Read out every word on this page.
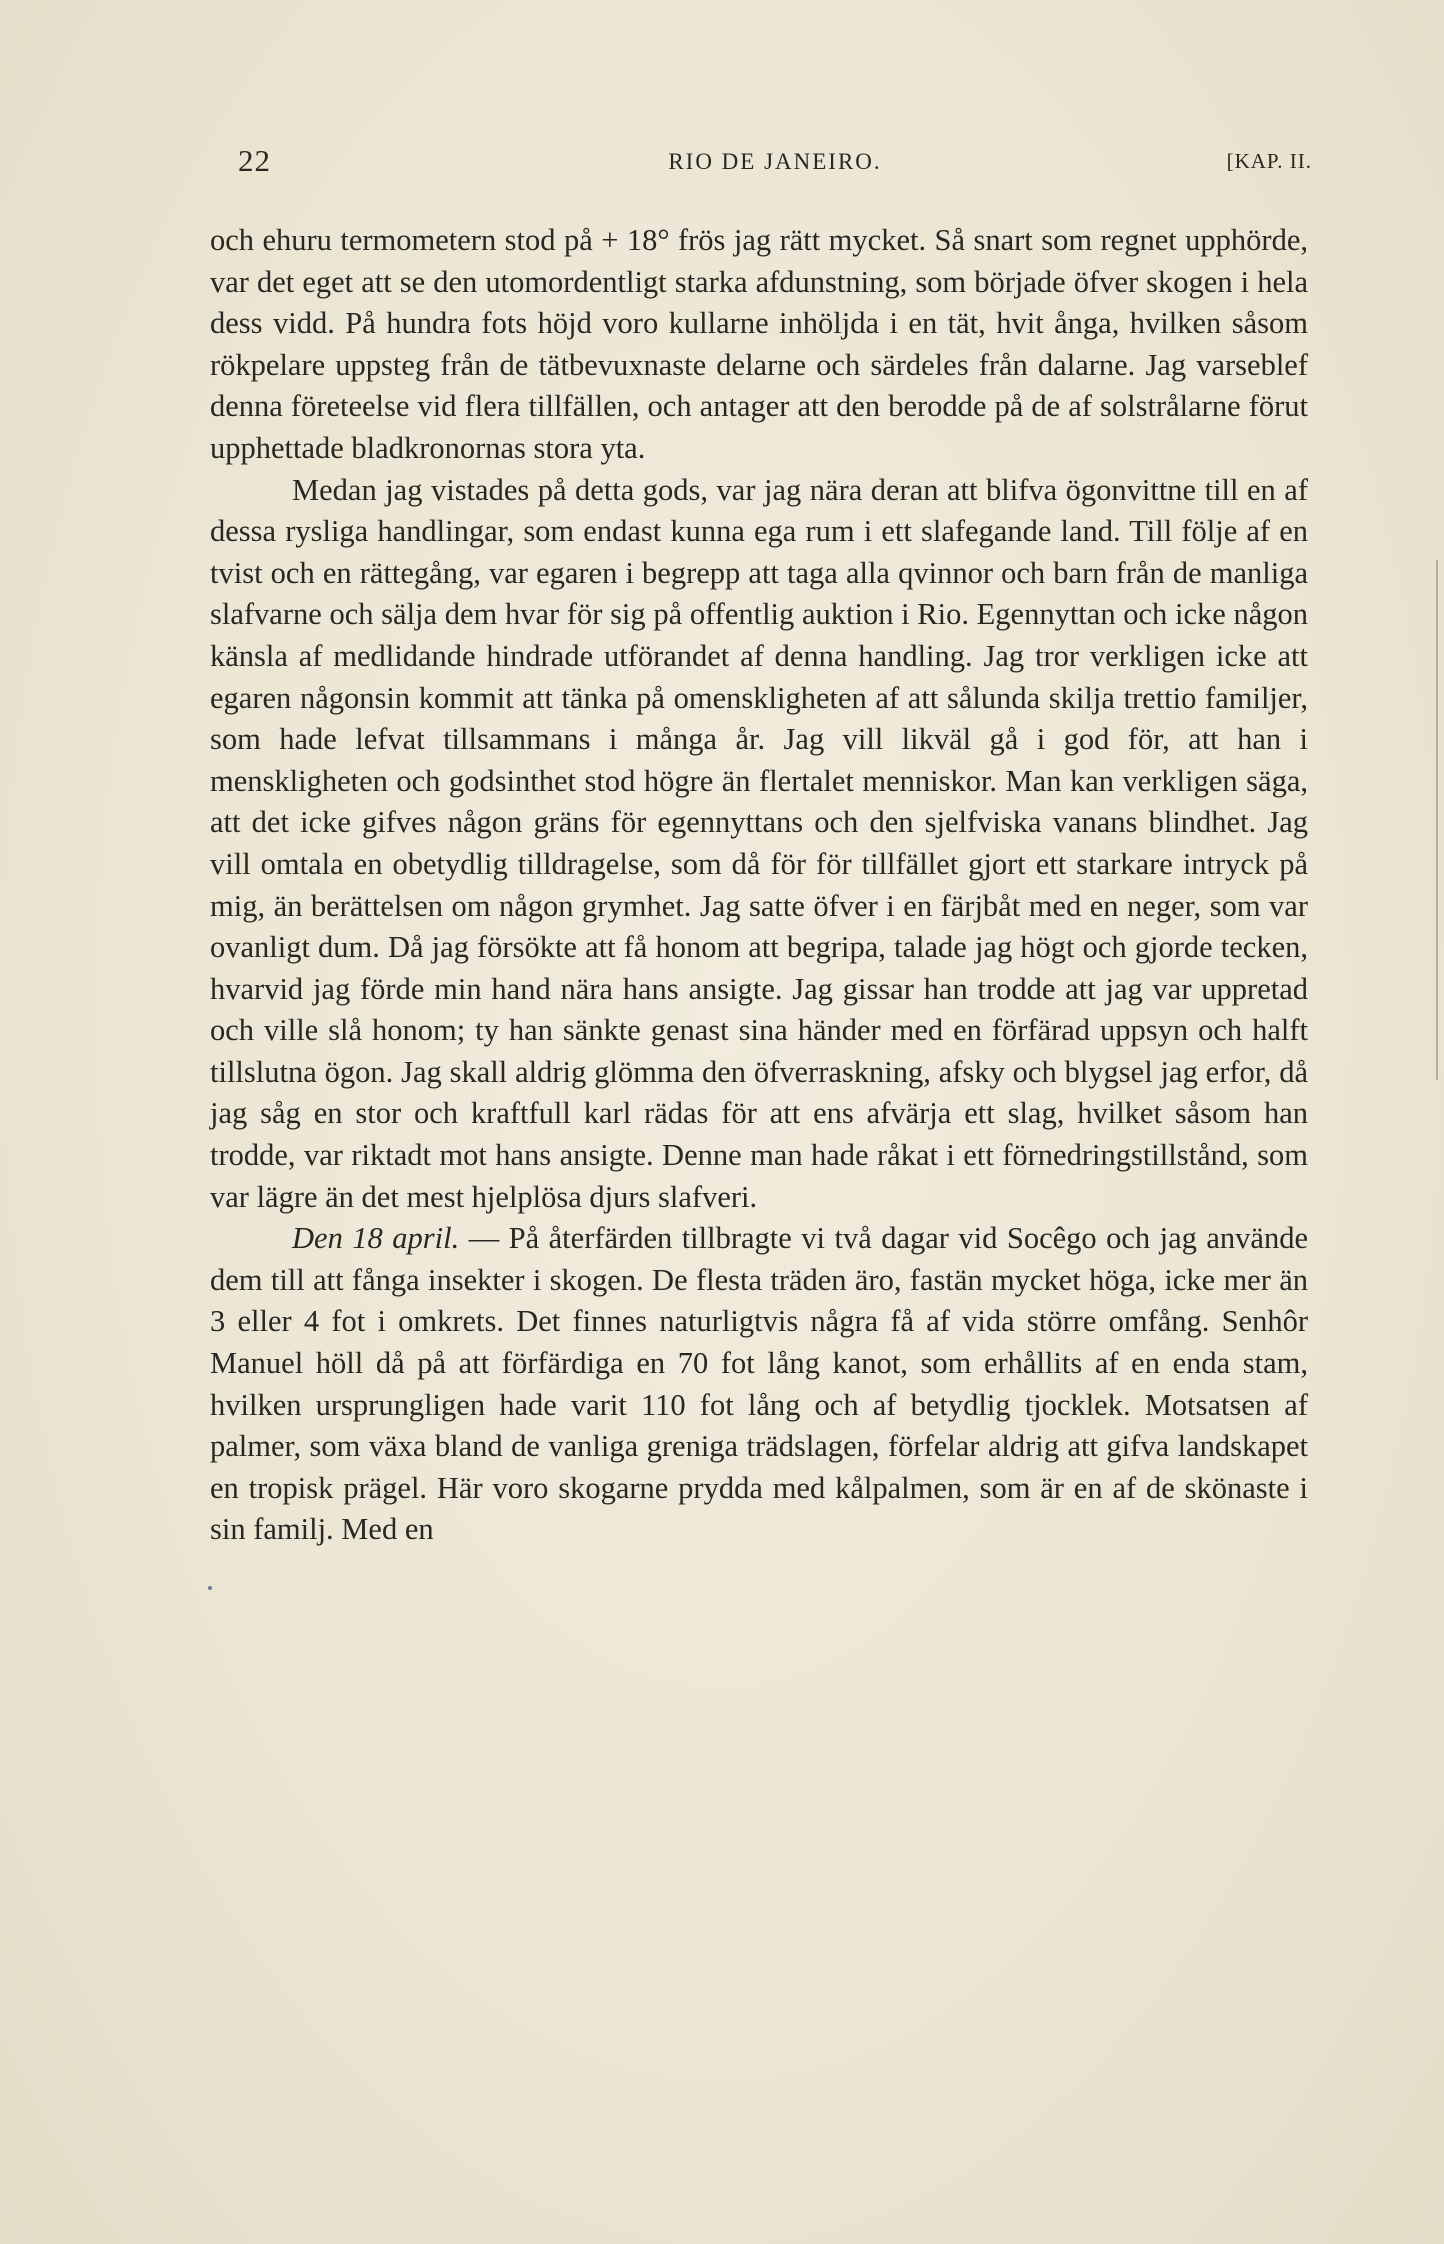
22	RIO DE JANEIRO.	[KAP. II.

och ehuru termometern stod på + 18° frös jag rätt mycket. Så snart som regnet upphörde, var det eget att se den utomordentligt starka afdunstning, som började öfver skogen i hela dess vidd. På hundra fots höjd voro kullarne inhöljda i en tät, hvit ånga, hvilken såsom rökpelare uppsteg från de tätbevuxnaste delarne och särdeles från dalarne. Jag varseblef denna företeelse vid flera tillfällen, och antager att den berodde på de af solstrålarne förut upphettade bladkronornas stora yta.

Medan jag vistades på detta gods, var jag nära deran att blifva ögonvittne till en af dessa rysliga handlingar, som endast kunna ega rum i ett slafegande land. Till följe af en tvist och en rättegång, var egaren i begrepp att taga alla qvinnor och barn från de manliga slafvarne och sälja dem hvar för sig på offentlig auktion i Rio. Egennyttan och icke någon känsla af medlidande hindrade utförandet af denna handling. Jag tror verkligen icke att egaren någonsin kommit att tänka på omenskligheten af att sålunda skilja trettio familjer, som hade lefvat tillsammans i många år. Jag vill likväl gå i god för, att han i menskligheten och godsinthet stod högre än flertalet menniskor. Man kan verkligen säga, att det icke gifves någon gräns för egennyttans och den sjelfviska vanans blindhet. Jag vill omtala en obetydlig tilldragelse, som då för för tillfället gjort ett starkare intryck på mig, än berättelsen om någon grymhet. Jag satte öfver i en färjbåt med en neger, som var ovanligt dum. Då jag försökte att få honom att begripa, talade jag högt och gjorde tecken, hvarvid jag förde min hand nära hans ansigte. Jag gissar han trodde att jag var uppretad och ville slå honom; ty han sänkte genast sina händer med en förfärad uppsyn och halft tillslutna ögon. Jag skall aldrig glömma den öfverraskning, afsky och blygsel jag erfor, då jag såg en stor och kraftfull karl rädas för att ens afvärja ett slag, hvilket såsom han trodde, var riktadt mot hans ansigte. Denne man hade råkat i ett förnedringstillstånd, som var lägre än det mest hjelplösa djurs slafveri.

Den 18 april. — På återfärden tillbragte vi två dagar vid Socêgo och jag använde dem till att fånga insekter i skogen. De flesta träden äro, fastän mycket höga, icke mer än 3 eller 4 fot i omkrets. Det finnes naturligtvis några få af vida större omfång. Senhôr Manuel höll då på att förfärdiga en 70 fot lång kanot, som erhållits af en enda stam, hvilken ursprungligen hade varit 110 fot lång och af betydlig tjocklek. Motsatsen af palmer, som växa bland de vanliga greniga trädslagen, förfelar aldrig att gifva landskapet en tropisk prägel. Här voro skogarne prydda med kålpalmen, som är en af de skönaste i sin familj. Med en
